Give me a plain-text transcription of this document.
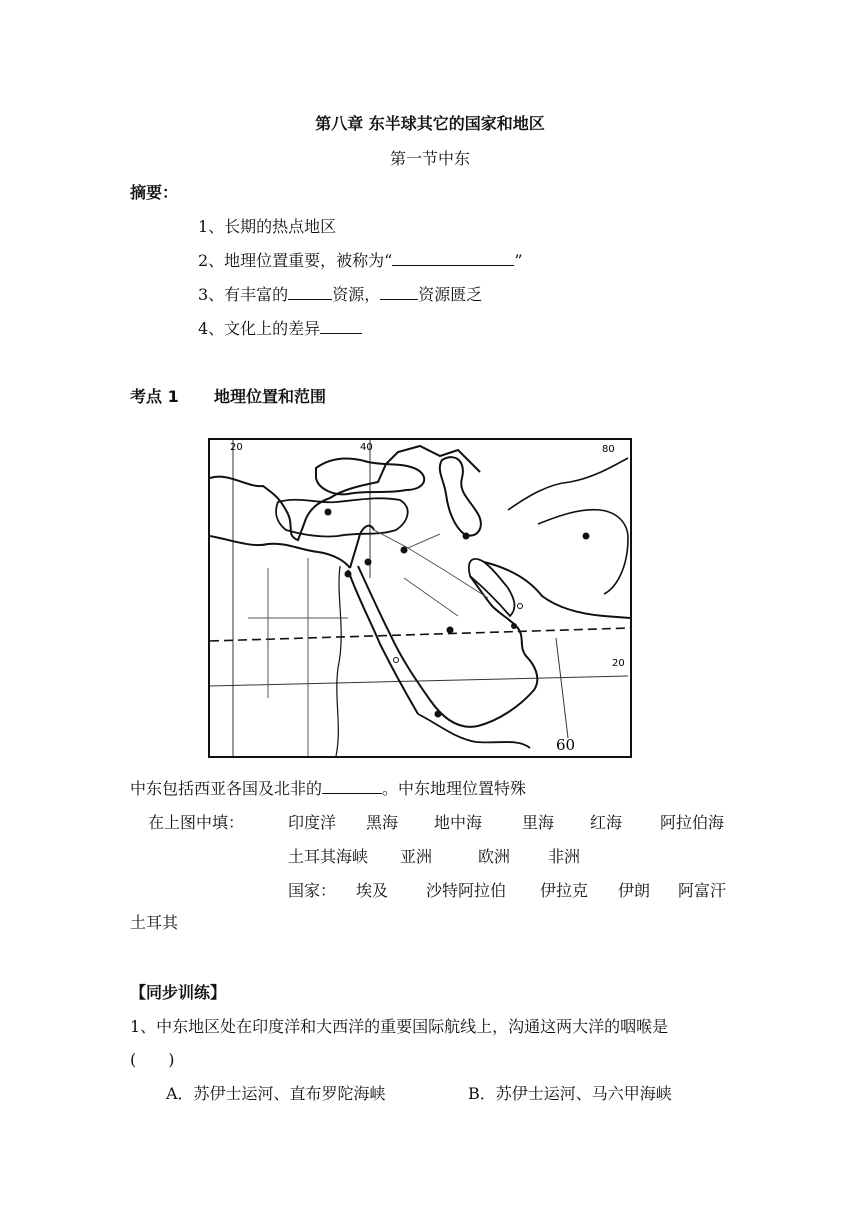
第八章 东半球其它的国家和地区
第一节中东
摘要：
1、长期的热点地区
2、地理位置重要，被称为“	”
3、有丰富的	资源， 资源匮乏
4、文化上的差异
考点 1 地理位置和范围
20	40	80
60
20
中东包括西亚各国及北非的	。中东地理位置特殊
在上图中填：	印度洋 黑海 地中海 里海 红海 阿拉伯海
土耳其海峡 亚洲	欧洲 非洲
国家： 埃及 沙特阿拉伯 伊拉克 伊朗 阿富汗
土耳其
【同步训练】
1、中东地区处在印度洋和大西洋的重要国际航线上，沟通这两大洋的咽喉是
(　　)
A．苏伊士运河、直布罗陀海峡	B．苏伊士运河、马六甲海峡
